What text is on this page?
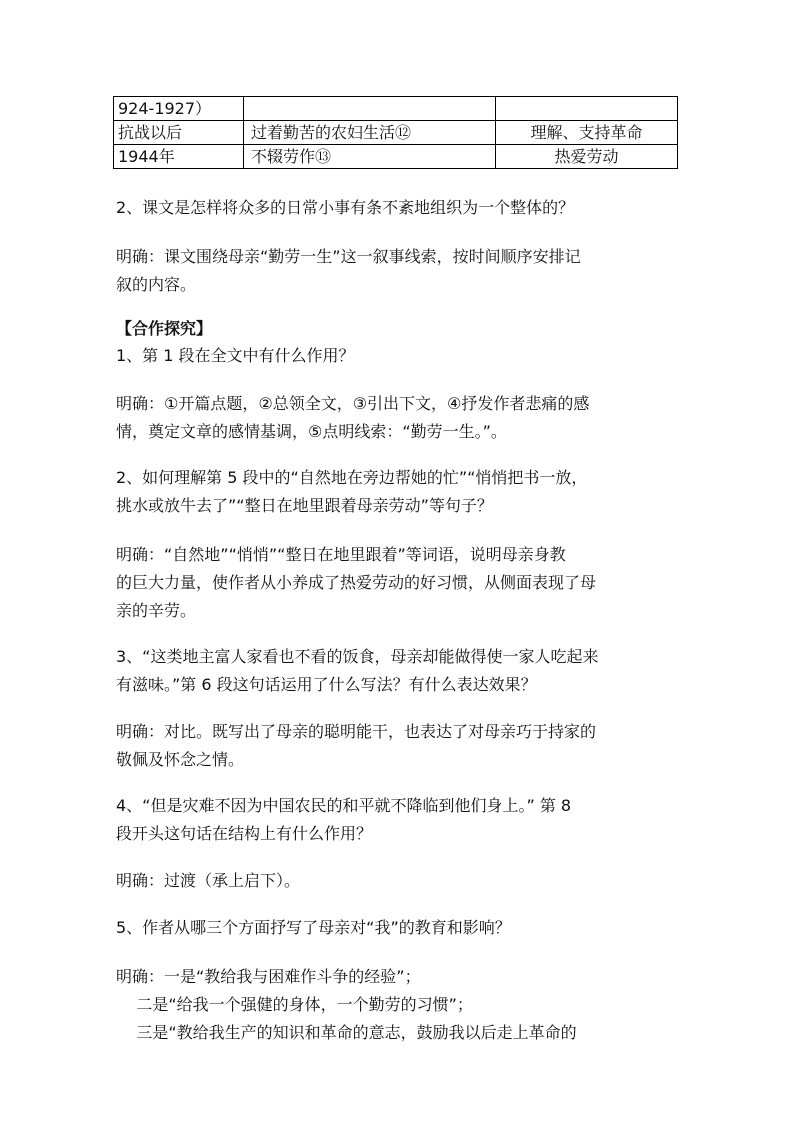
924-1927）		
抗战以后	过着勤苦的农妇生活⑫	理解、支持革命
1944年	不辍劳作⑬	热爱劳动

2、课文是怎样将众多的日常小事有条不紊地组织为一个整体的？

明确：课文围绕母亲“勤劳一生”这一叙事线索，按时间顺序安排记

叙的内容。

【合作探究】

1、第 1 段在全文中有什么作用？

明确：①开篇点题，②总领全文，③引出下文，④抒发作者悲痛的感

情，奠定文章的感情基调，⑤点明线索：“勤劳一生。”。

2、如何理解第 5 段中的“自然地在旁边帮她的忙”“悄悄把书一放，

挑水或放牛去了”“整日在地里跟着母亲劳动”等句子？

明确：“自然地”“悄悄”“整日在地里跟着”等词语，说明母亲身教

的巨大力量，使作者从小养成了热爱劳动的好习惯，从侧面表现了母

亲的辛劳。

3、“这类地主富人家看也不看的饭食，母亲却能做得使一家人吃起来

有滋味。”第 6 段这句话运用了什么写法？有什么表达效果？

明确：对比。既写出了母亲的聪明能干，也表达了对母亲巧于持家的

敬佩及怀念之情。

4、“但是灾难不因为中国农民的和平就不降临到他们身上。” 第 8

段开头这句话在结构上有什么作用？

明确：过渡（承上启下）。

5、作者从哪三个方面抒写了母亲对“我”的教育和影响？

明确：一是“教给我与困难作斗争的经验”；

二是“给我一个强健的身体，一个勤劳的习惯”；

三是“教给我生产的知识和革命的意志，鼓励我以后走上革命的
